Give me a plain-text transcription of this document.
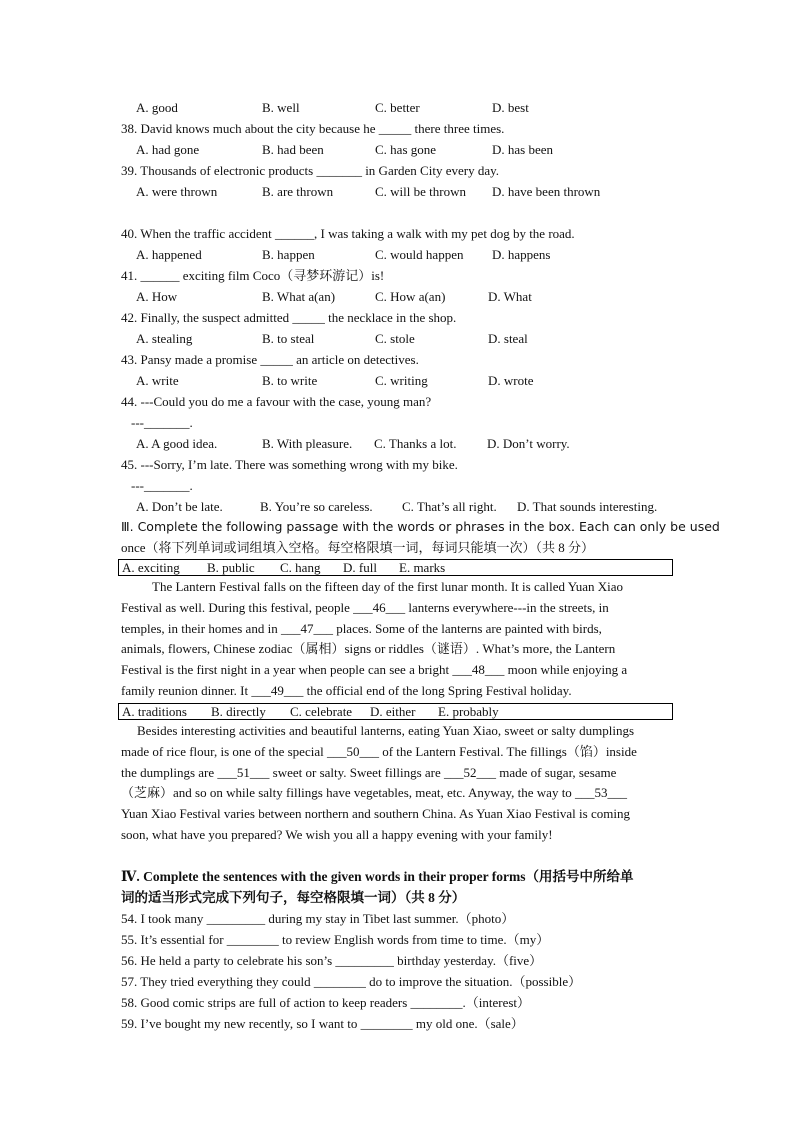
A. good	B. well	C. better	D. best
38. David knows much about the city because he _____ there three times.
A. had gone	B. had been	C. has gone	D. has been
39. Thousands of electronic products _______ in Garden City every day.
A. were thrown	B. are thrown	C. will be thrown D. have been thrown
40. When the traffic accident ______, I was taking a walk with my pet dog by the road.
A. happened	B. happen	C. would happen D. happens
41. ______ exciting film Coco（寻梦环游记）is!
A. How	B. What a(an)	C. How a(an)	D. What
42. Finally, the suspect admitted _____ the necklace in the shop.
A. stealing	B. to steal	C. stole	D. steal
43. Pansy made a promise _____ an article on detectives.
A. write	B. to write	C. writing	D. wrote
44. ---Could you do me a favour with the case, young man?
---_______.
A. A good idea.	B. With pleasure. C. Thanks a lot. D. Don’t worry.
45. ---Sorry, I’m late. There was something wrong with my bike.
---_______.
A. Don’t be late.	B. You’re so careless. C. That’s all right. D. That sounds interesting.
Ⅲ. Complete the following passage with the words or phrases in the box. Each can only be used
once（将下列单词或词组填入空格。每空格限填一词，每词只能填一次）（共 8 分）
A. exciting B. public C. hang D. full E. marks
The Lantern Festival falls on the fifteen day of the first lunar month. It is called Yuan Xiao
Festival as well. During this festival, people ___46___ lanterns everywhere---in the streets, in
temples, in their homes and in ___47___ places. Some of the lanterns are painted with birds,
animals, flowers, Chinese zodiac（属相）signs or riddles（谜语）. What’s more, the Lantern
Festival is the first night in a year when people can see a bright ___48___ moon while enjoying a
family reunion dinner. It ___49___ the official end of the long Spring Festival holiday.
A. traditions B. directly C. celebrate D. either E. probably
Besides interesting activities and beautiful lanterns, eating Yuan Xiao, sweet or salty dumplings
made of rice flour, is one of the special ___50___ of the Lantern Festival. The fillings（馅）inside
the dumplings are ___51___ sweet or salty. Sweet fillings are ___52___ made of sugar, sesame
（芝麻）and so on while salty fillings have vegetables, meat, etc. Anyway, the way to ___53___
Yuan Xiao Festival varies between northern and southern China. As Yuan Xiao Festival is coming
soon, what have you prepared? We wish you all a happy evening with your family!
Ⅳ. Complete the sentences with the given words in their proper forms（用括号中所给单
词的适当形式完成下列句子，每空格限填一词）（共 8 分）
54. I took many _________ during my stay in Tibet last summer.（photo）
55. It’s essential for ________ to review English words from time to time.（my）
56. He held a party to celebrate his son’s _________ birthday yesterday.（five）
57. They tried everything they could ________ do to improve the situation.（possible）
58. Good comic strips are full of action to keep readers ________.（interest）
59. I’ve bought my new recently, so I want to ________ my old one.（sale）
